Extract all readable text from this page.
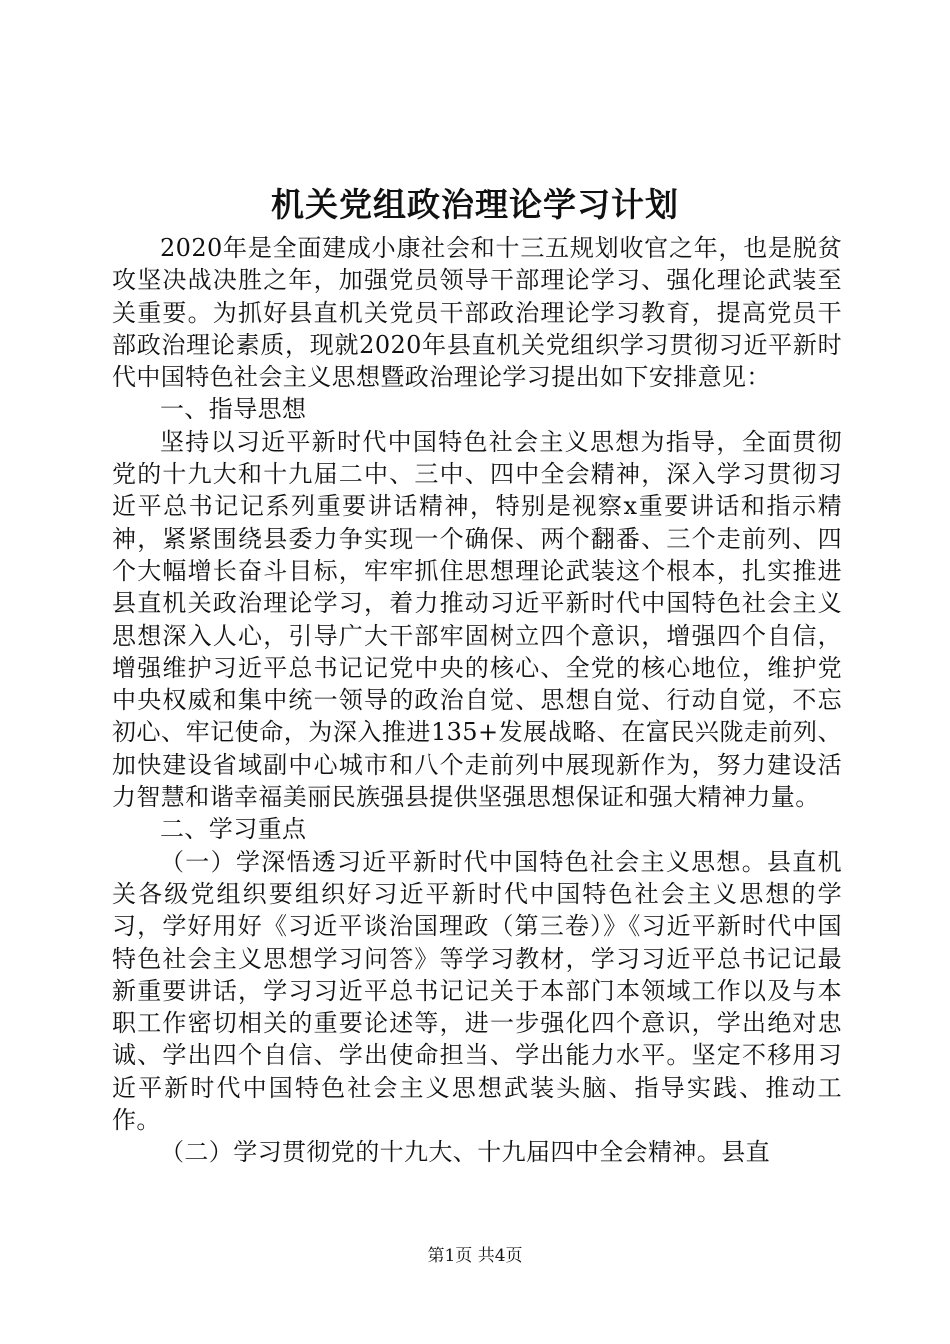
机关党组政治理论学习计划

2020年是全面建成小康社会和十三五规划收官之年，也是脱贫攻坚决战决胜之年，加强党员领导干部理论学习、强化理论武装至关重要。为抓好县直机关党员干部政治理论学习教育，提高党员干部政治理论素质，现就2020年县直机关党组织学习贯彻习近平新时代中国特色社会主义思想暨政治理论学习提出如下安排意见：

一、指导思想

坚持以习近平新时代中国特色社会主义思想为指导，全面贯彻党的十九大和十九届二中、三中、四中全会精神，深入学习贯彻习近平总书记记系列重要讲话精神，特别是视察x重要讲话和指示精神，紧紧围绕县委力争实现一个确保、两个翻番、三个走前列、四个大幅增长奋斗目标，牢牢抓住思想理论武装这个根本，扎实推进县直机关政治理论学习，着力推动习近平新时代中国特色社会主义思想深入人心，引导广大干部牢固树立四个意识，增强四个自信，增强维护习近平总书记记党中央的核心、全党的核心地位，维护党中央权威和集中统一领导的政治自觉、思想自觉、行动自觉，不忘初心、牢记使命，为深入推进135+发展战略、在富民兴陇走前列、加快建设省域副中心城市和八个走前列中展现新作为，努力建设活力智慧和谐幸福美丽民族强县提供坚强思想保证和强大精神力量。

二、学习重点

（一）学深悟透习近平新时代中国特色社会主义思想。县直机关各级党组织要组织好习近平新时代中国特色社会主义思想的学习，学好用好《习近平谈治国理政（第三卷）》《习近平新时代中国特色社会主义思想学习问答》等学习教材，学习习近平总书记记最新重要讲话，学习习近平总书记记关于本部门本领域工作以及与本职工作密切相关的重要论述等，进一步强化四个意识，学出绝对忠诚、学出四个自信、学出使命担当、学出能力水平。坚定不移用习近平新时代中国特色社会主义思想武装头脑、指导实践、推动工作。

（二）学习贯彻党的十九大、十九届四中全会精神。县直

第1页 共4页
